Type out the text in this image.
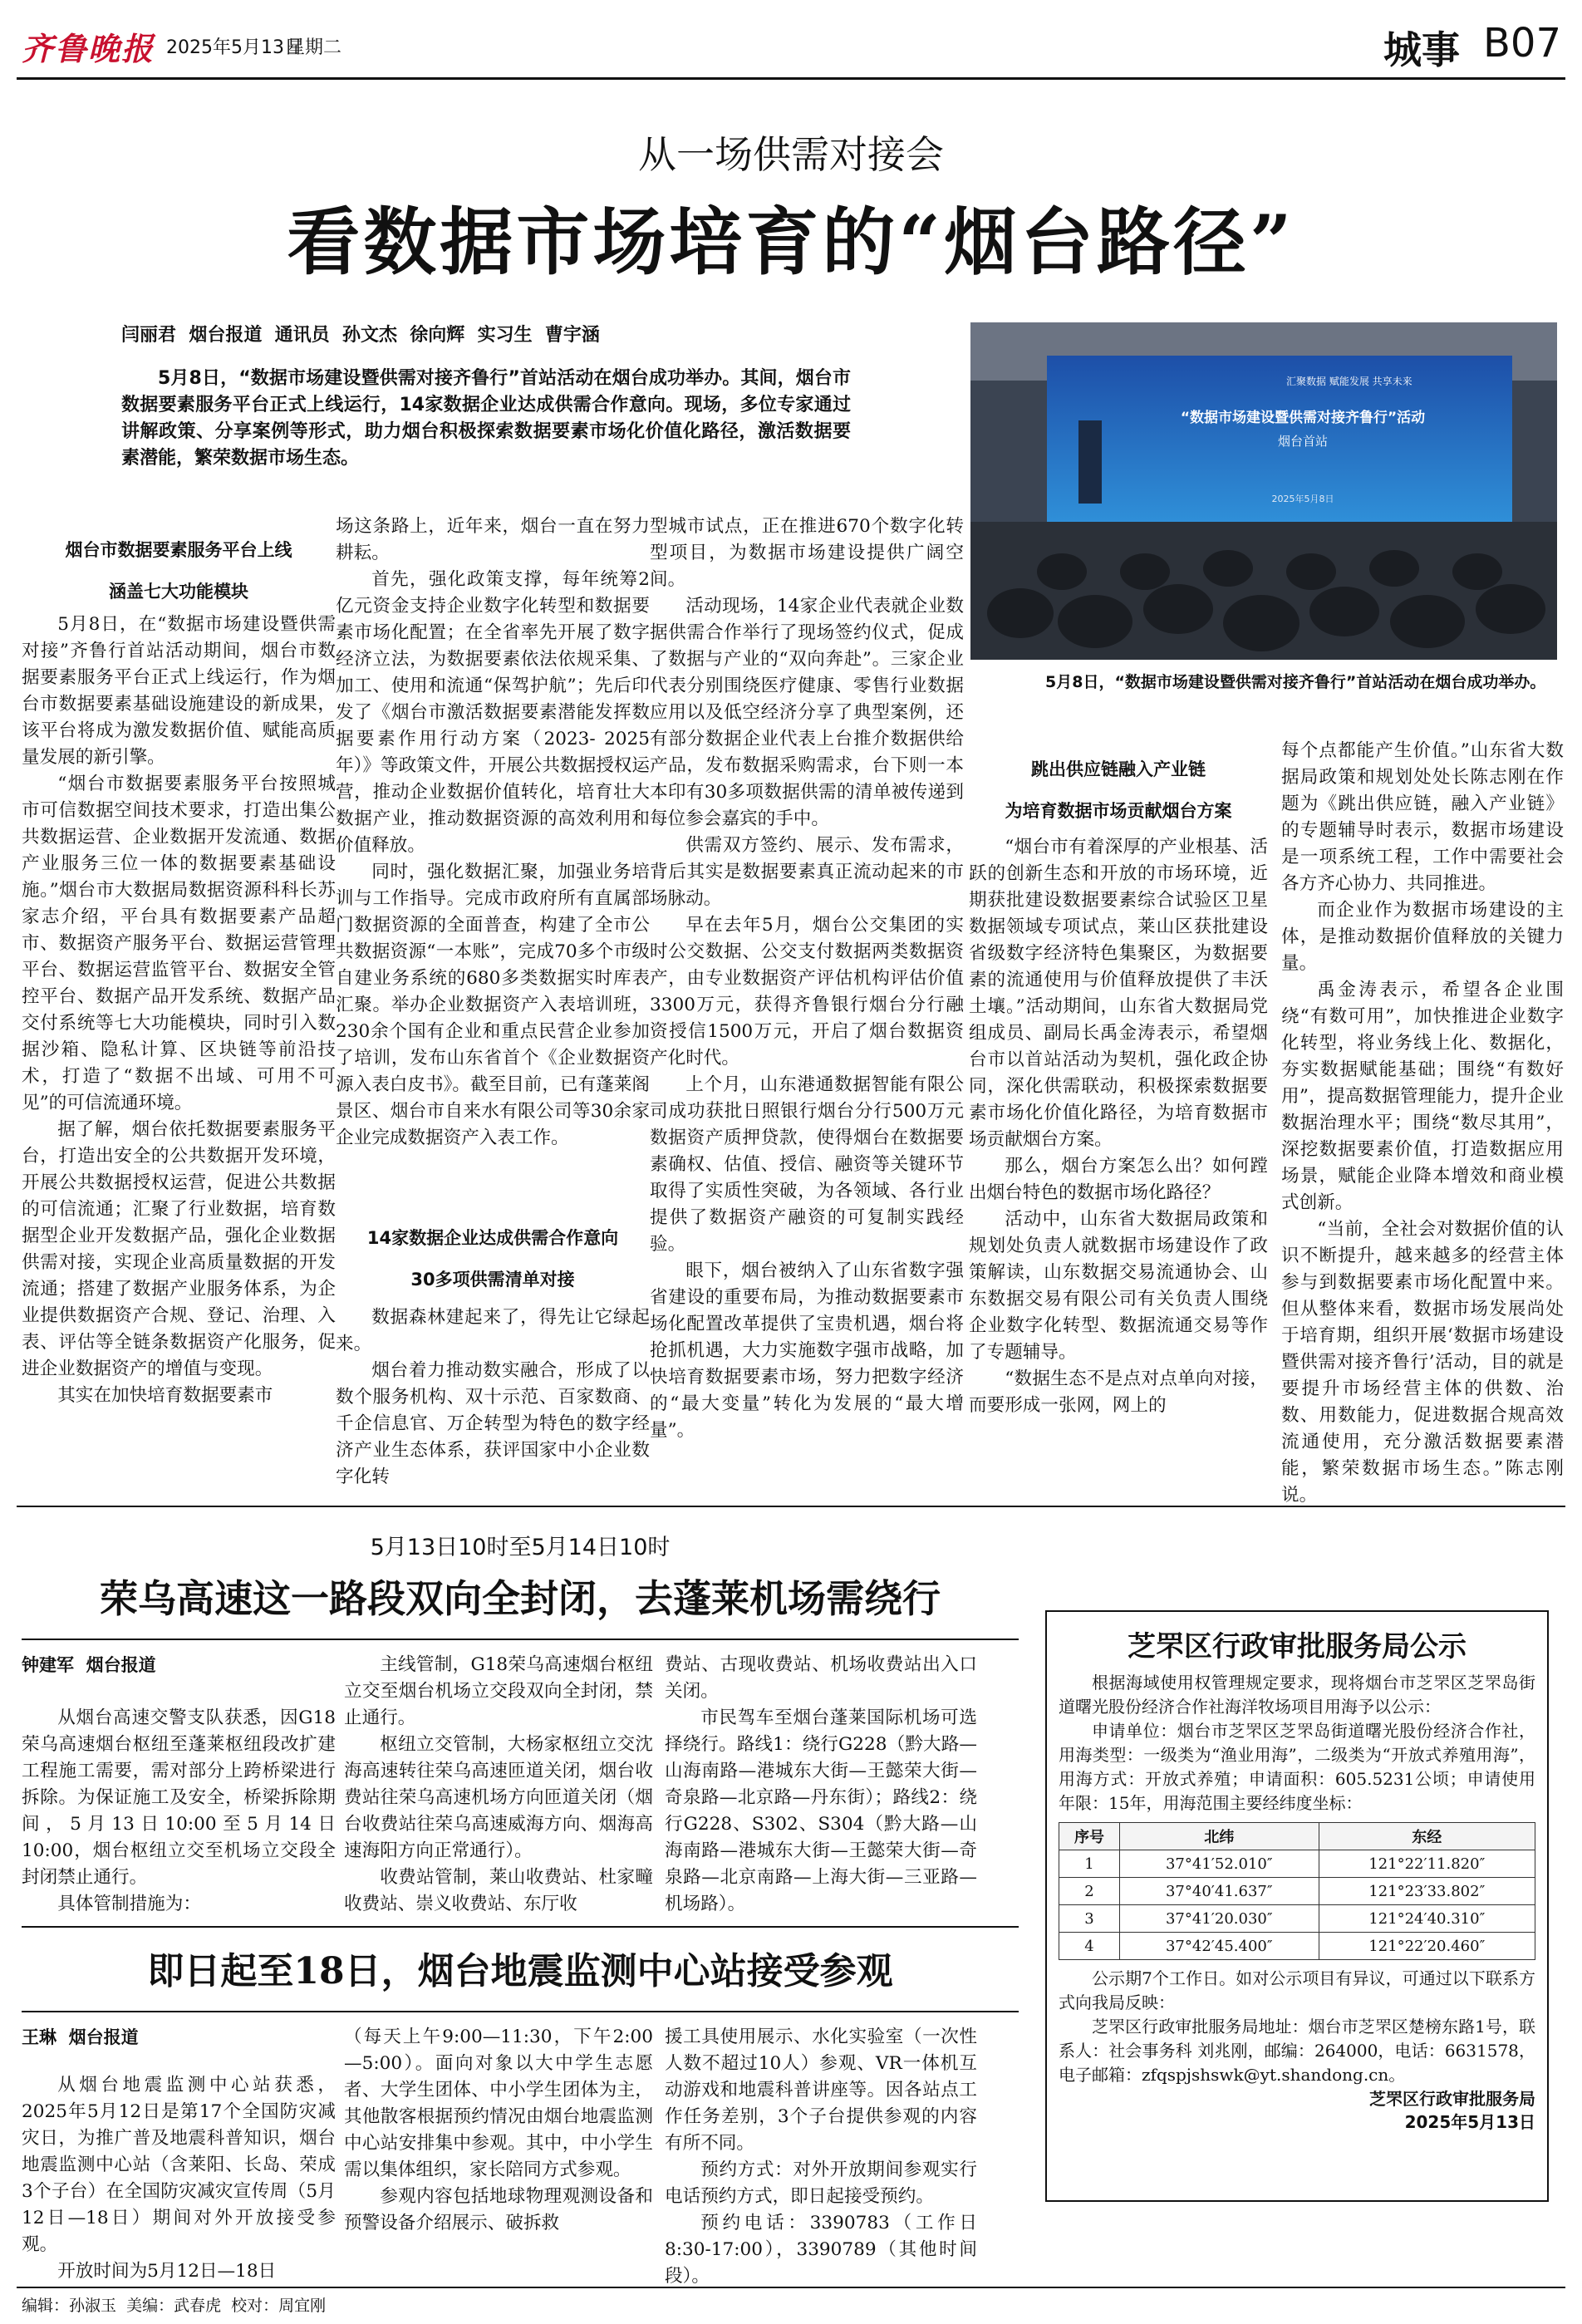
齐鲁晚报 2025年5月13日
星期二	城事 B07
从一场供需对接会
看数据市场培育的“烟台路径”
闫丽君  烟台报道  通讯员  孙文杰  徐向辉  实习生  曹宇涵
5月8日，“数据市场建设暨供需对接齐鲁行”首站活动在烟台成功举办。其间，烟台市数据要素服务平台正式上线运行，14家数据企业达成供需合作意向。现场，多位专家通过讲解政策、分享案例等形式，助力烟台积极探索数据要素市场化价值化路径，激活数据要素潜能，繁荣数据市场生态。
汇聚数据 赋能发展 共享未来
“数据市场建设暨供需对接齐鲁行”活动
烟台首站
2025年5月8日
5月8日，“数据市场建设暨供需对接齐鲁行”首站活动在烟台成功举办。
烟台市数据要素服务平台上线
涵盖七大功能模块

5月8日，在“数据市场建设暨供需对接”齐鲁行首站活动期间，烟台市数据要素服务平台正式上线运行，作为烟台市数据要素基础设施建设的新成果，该平台将成为激发数据价值、赋能高质量发展的新引擎。

“烟台市数据要素服务平台按照城市可信数据空间技术要求，打造出集公共数据运营、企业数据开发流通、数据产业服务三位一体的数据要素基础设施。”烟台市大数据局数据资源科科长苏家志介绍，平台具有数据要素产品超市、数据资产服务平台、数据运营管理平台、数据运营监管平台、数据安全管控平台、数据产品开发系统、数据产品交付系统等七大功能模块，同时引入数据沙箱、隐私计算、区块链等前沿技术，打造了“数据不出域、可用不可见”的可信流通环境。

据了解，烟台依托数据要素服务平台，打造出安全的公共数据开发环境，开展公共数据授权运营，促进公共数据的可信流通；汇聚了行业数据，培育数据型企业开发数据产品，强化企业数据供需对接，实现企业高质量数据的开发流通；搭建了数据产业服务体系，为企业提供数据资产合规、登记、治理、入表、评估等全链条数据资产化服务，促进企业数据资产的增值与变现。

其实在加快培育数据要素市

场这条路上，近年来，烟台一直在努力耕耘。

首先，强化政策支撑，每年统筹2亿元资金支持企业数字化转型和数据要素市场化配置；在全省率先开展了数字经济立法，为数据要素依法依规采集、加工、使用和流通“保驾护航”；先后印发了《烟台市激活数据要素潜能发挥数据要素作用行动方案（2023- 2025年）》等政策文件，开展公共数据授权运营，推动企业数据价值转化，培育壮大数据产业，推动数据资源的高效利用和价值释放。

同时，强化数据汇聚，加强业务培训与工作指导。完成市政府所有直属部门数据资源的全面普查，构建了全市公共数据资源“一本账”，完成70多个市级自建业务系统的680多类数据实时库表汇聚。举办企业数据资产入表培训班，230余个国有企业和重点民营企业参加了培训，发布山东省首个《企业数据资源入表白皮书》。截至目前，已有蓬莱阁景区、烟台市自来水有限公司等30余家企业完成数据资产入表工作。

14家数据企业达成供需合作意向
30多项供需清单对接

数据森林建起来了，得先让它绿起来。

烟台着力推动数实融合，形成了以数个服务机构、双十示范、百家数商、千企信息官、万企转型为特色的数字经济产业生态体系，获评国家中小企业数字化转

型城市试点，正在推进670个数字化转型项目，为数据市场建设提供广阔空间。

活动现场，14家企业代表就企业数据供需合作举行了现场签约仪式，促成了数据与产业的“双向奔赴”。三家企业代表分别围绕医疗健康、零售行业数据应用以及低空经济分享了典型案例，还有部分数据企业代表上台推介数据供给产品，发布数据采购需求，台下则一本本印有30多项数据供需的清单被传递到每位参会嘉宾的手中。

供需双方签约、展示、发布需求，背后其实是数据要素真正流动起来的市场脉动。

早在去年5月，烟台公交集团的实时公交数据、公交支付数据两类数据资产，由专业数据资产评估机构评估价值3300万元，获得齐鲁银行烟台分行融资授信1500万元，开启了烟台数据资产化时代。

上个月，山东港通数据智能有限公司成功获批日照银行烟台分行500万元数据资产质押贷款，使得烟台在数据要素确权、估值、授信、融资等关键环节取得了实质性突破，为各领域、各行业提供了数据资产融资的可复制实践经验。

眼下，烟台被纳入了山东省数字强省建设的重要布局，为推动数据要素市场化配置改革提供了宝贵机遇，烟台将抢抓机遇，大力实施数字强市战略，加快培育数据要素市场，努力把数字经济的“最大变量”转化为发展的“最大增量”。

跳出供应链融入产业链
为培育数据市场贡献烟台方案

“烟台市有着深厚的产业根基、活跃的创新生态和开放的市场环境，近期获批建设数据要素综合试验区卫星数据领域专项试点，莱山区获批建设省级数字经济特色集聚区，为数据要素的流通使用与价值释放提供了丰沃土壤。”活动期间，山东省大数据局党组成员、副局长禹金涛表示，希望烟台市以首站活动为契机，强化政企协同，深化供需联动，积极探索数据要素市场化价值化路径，为培育数据市场贡献烟台方案。

那么，烟台方案怎么出？如何蹚出烟台特色的数据市场化路径？

活动中，山东省大数据局政策和规划处负责人就数据市场建设作了政策解读，山东数据交易流通协会、山东数据交易有限公司有关负责人围绕企业数字化转型、数据流通交易等作了专题辅导。

“数据生态不是点对点单向对接，而要形成一张网，网上的

每个点都能产生价值。”山东省大数据局政策和规划处处长陈志刚在作题为《跳出供应链，融入产业链》的专题辅导时表示，数据市场建设是一项系统工程，工作中需要社会各方齐心协力、共同推进。

而企业作为数据市场建设的主体，是推动数据价值释放的关键力量。

禹金涛表示，希望各企业围绕“有数可用”，加快推进企业数字化转型，将业务线上化、数据化，夯实数据赋能基础；围绕“有数好用”，提高数据管理能力，提升企业数据治理水平；围绕“数尽其用”，深挖数据要素价值，打造数据应用场景，赋能企业降本增效和商业模式创新。

“当前，全社会对数据价值的认识不断提升，越来越多的经营主体参与到数据要素市场化配置中来。但从整体来看，数据市场发展尚处于培育期，组织开展‘数据市场建设暨供需对接齐鲁行’活动，目的就是要提升市场经营主体的供数、治数、用数能力，促进数据合规高效流通使用，充分激活数据要素潜能，繁荣数据市场生态。”陈志刚说。

5月13日10时至5月14日10时
荣乌高速这一路段双向全封闭，去蓬莱机场需绕行
钟建军  烟台报道

从烟台高速交警支队获悉，因G18荣乌高速烟台枢纽至蓬莱枢纽段改扩建工程施工需要，需对部分上跨桥梁进行拆除。为保证施工及安全，桥梁拆除期间，5月13日10:00至5月14日10:00，烟台枢纽立交至机场立交段全封闭禁止通行。

具体管制措施为：

主线管制，G18荣乌高速烟台枢纽立交至烟台机场立交段双向全封闭，禁止通行。

枢纽立交管制，大杨家枢纽立交沈海高速转往荣乌高速匝道关闭，烟台收费站往荣乌高速机场方向匝道关闭（烟台收费站往荣乌高速威海方向、烟海高速海阳方向正常通行）。

收费站管制，莱山收费站、杜家疃收费站、崇义收费站、东厅收

费站、古现收费站、机场收费站出入口关闭。

市民驾车至烟台蓬莱国际机场可选择绕行。路线1：绕行G228（黔大路—山海南路—港城东大街—王懿荣大街—奇泉路—北京路—丹东街）；路线2：绕行G228、S302、S304（黔大路—山海南路—港城东大街—王懿荣大街—奇泉路—北京南路—上海大街—三亚路—机场路）。

即日起至18日，烟台地震监测中心站接受参观
王琳  烟台报道

从烟台地震监测中心站获悉，2025年5月12日是第17个全国防灾减灾日，为推广普及地震科普知识，烟台地震监测中心站（含莱阳、长岛、荣成3个子台）在全国防灾减灾宣传周（5月12日—18日）期间对外开放接受参观。

开放时间为5月12日—18日

（每天上午9:00—11:30，下午2:00—5:00）。面向对象以大中学生志愿者、大学生团体、中小学生团体为主，其他散客根据预约情况由烟台地震监测中心站安排集中参观。其中，中小学生需以集体组织，家长陪同方式参观。

参观内容包括地球物理观测设备和预警设备介绍展示、破拆救

援工具使用展示、水化实验室（一次性人数不超过10人）参观、VR一体机互动游戏和地震科普讲座等。因各站点工作任务差别，3个子台提供参观的内容有所不同。

预约方式：对外开放期间参观实行电话预约方式，即日起接受预约。

预约电话：3390783（工作日8:30-17:00），3390789（其他时间段）。

芝罘区行政审批服务局公示
根据海域使用权管理规定要求，现将烟台市芝罘区芝罘岛街道曙光股份经济合作社海洋牧场项目用海予以公示：
申请单位：烟台市芝罘区芝罘岛街道曙光股份经济合作社，用海类型：一级类为“渔业用海”，二级类为“开放式养殖用海”，用海方式：开放式养殖；申请面积：605.5231公顷；申请使用年限：15年，用海范围主要经纬度坐标：
序号	北纬	东经
1	37°41′52.010″	121°22′11.820″
2	37°40′41.637″	121°23′33.802″
3	37°41′20.030″	121°24′40.310″
4	37°42′45.400″	121°22′20.460″
公示期7个工作日。如对公示项目有异议，可通过以下联系方式向我局反映：
芝罘区行政审批服务局地址：烟台市芝罘区楚榜东路1号，联系人：社会事务科 刘兆刚，邮编：264000，电话：6631578，电子邮箱：zfqspjshswk@yt.shandong.cn。
芝罘区行政审批服务局
2025年5月13日
编辑：孙淑玉  美编：武春虎  校对：周宜刚
